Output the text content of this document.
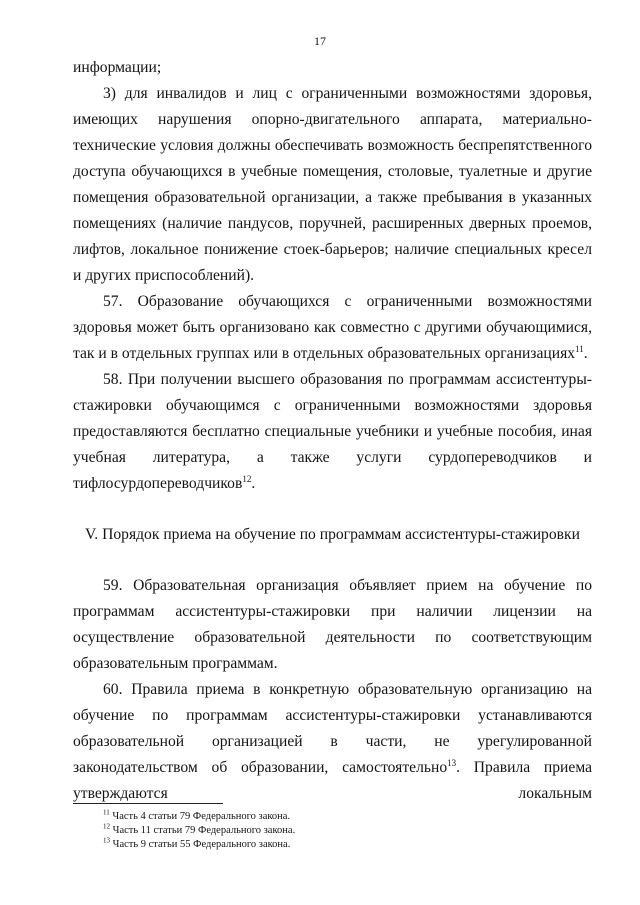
17

информации;

3) для инвалидов и лиц с ограниченными возможностями здоровья, имеющих нарушения опорно-двигательного аппарата, материально-технические условия должны обеспечивать возможность беспрепятственного доступа обучающихся в учебные помещения, столовые, туалетные и другие помещения образовательной организации, а также пребывания в указанных помещениях (наличие пандусов, поручней, расширенных дверных проемов, лифтов, локальное понижение стоек-барьеров; наличие специальных кресел и других приспособлений).

57. Образование обучающихся с ограниченными возможностями здоровья может быть организовано как совместно с другими обучающимися, так и в отдельных группах или в отдельных образовательных организациях$^{11}$.

58. При получении высшего образования по программам ассистентуры-стажировки обучающимся с ограниченными возможностями здоровья предоставляются бесплатно специальные учебники и учебные пособия, иная учебная литература, а также услуги сурдопереводчиков и тифлосурдопереводчиков$^{12}$.

V. Порядок приема на обучение по программам ассистентуры-стажировки

59. Образовательная организация объявляет прием на обучение по программам ассистентуры-стажировки при наличии лицензии на осуществление образовательной деятельности по соответствующим образовательным программам.

60. Правила приема в конкретную образовательную организацию на обучение по программам ассистентуры-стажировки устанавливаются образовательной организацией в части, не урегулированной законодательством об образовании, самостоятельно$^{13}$. Правила приема утверждаются локальным

$^{11}$ Часть 4 статьи 79 Федерального закона.

$^{12}$ Часть 11 статьи 79 Федерального закона.

$^{13}$ Часть 9 статьи 55 Федерального закона.
